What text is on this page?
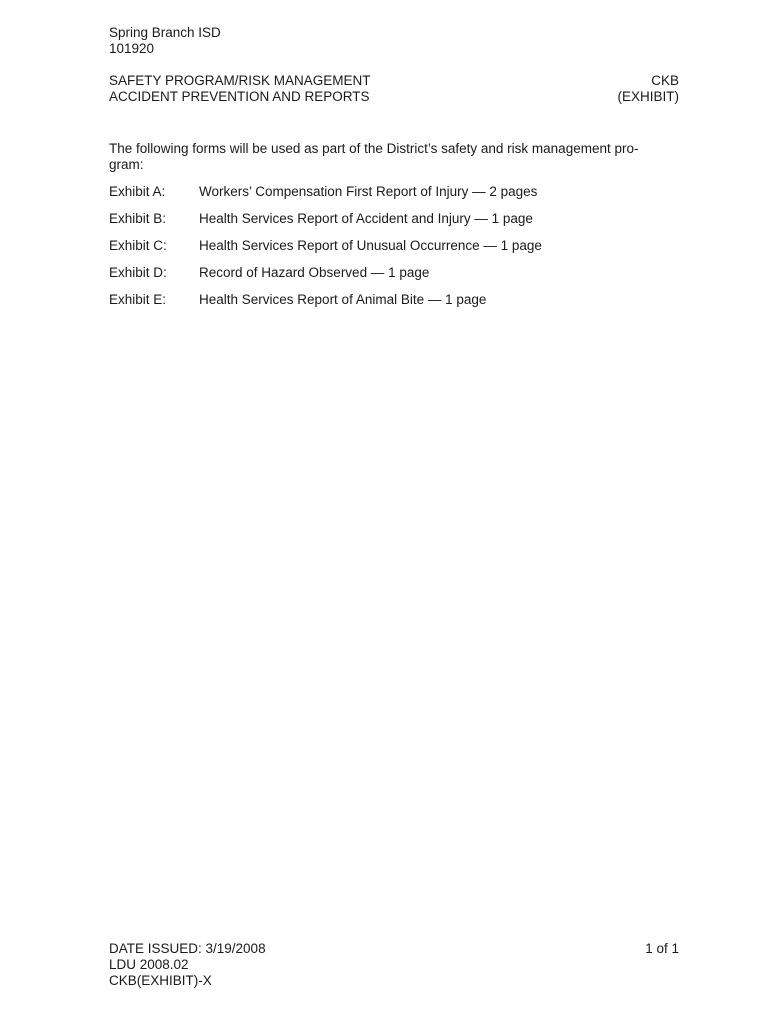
Spring Branch ISD
101920
SAFETY PROGRAM/RISK MANAGEMENT	CKB
ACCIDENT PREVENTION AND REPORTS	(EXHIBIT)
The following forms will be used as part of the District’s safety and risk management pro-
gram:
Exhibit A:	Workers’ Compensation First Report of Injury — 2 pages
Exhibit B:	Health Services Report of Accident and Injury — 1 page
Exhibit C:	Health Services Report of Unusual Occurrence — 1 page
Exhibit D:	Record of Hazard Observed — 1 page
Exhibit E:	Health Services Report of Animal Bite — 1 page
DATE ISSUED: 3/19/2008	1 of 1
LDU 2008.02
CKB(EXHIBIT)-X
